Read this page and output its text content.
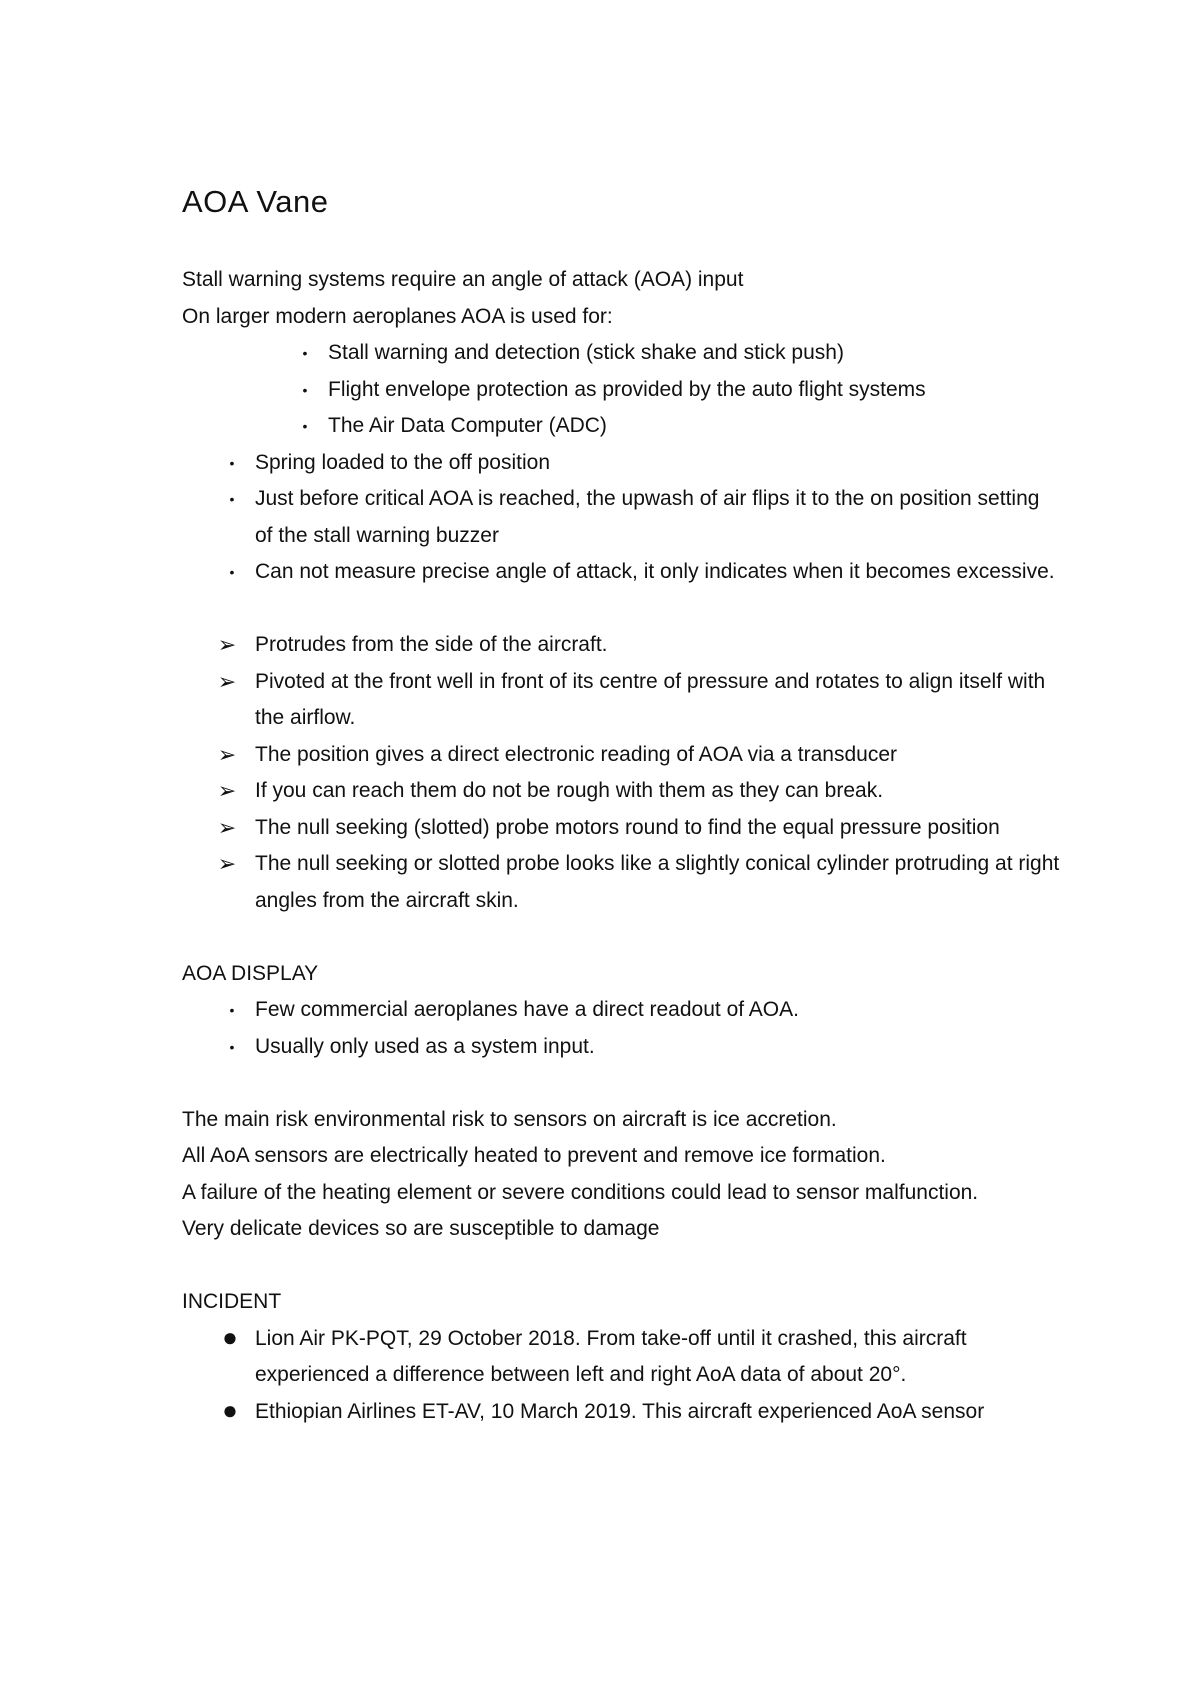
AOA Vane

Stall warning systems require an angle of attack (AOA) input

On larger modern aeroplanes AOA is used for:

• Stall warning and detection (stick shake and stick push)
• Flight envelope protection as provided by the auto flight systems
• The Air Data Computer (ADC)
• Spring loaded to the off position
• Just before critical AOA is reached, the upwash of air flips it to the on position setting of the stall warning buzzer
• Can not measure precise angle of attack, it only indicates when it becomes excessive.
➢ Protrudes from the side of the aircraft.
➢ Pivoted at the front well in front of its centre of pressure and rotates to align itself with the airflow.
➢ The position gives a direct electronic reading of AOA via a transducer
➢ If you can reach them do not be rough with them as they can break.
➢ The null seeking (slotted) probe motors round to find the equal pressure position
➢ The null seeking or slotted probe looks like a slightly conical cylinder protruding at right angles from the aircraft skin.

AOA DISPLAY

• Few commercial aeroplanes have a direct readout of AOA.
• Usually only used as a system input.

The main risk environmental risk to sensors on aircraft is ice accretion.

All AoA sensors are electrically heated to prevent and remove ice formation.

A failure of the heating element or severe conditions could lead to sensor malfunction.

Very delicate devices so are susceptible to damage

INCIDENT

● Lion Air PK-PQT, 29 October 2018. From take-off until it crashed, this aircraft experienced a difference between left and right AoA data of about 20°.
● Ethiopian Airlines ET-AV, 10 March 2019. This aircraft experienced AoA sensor
